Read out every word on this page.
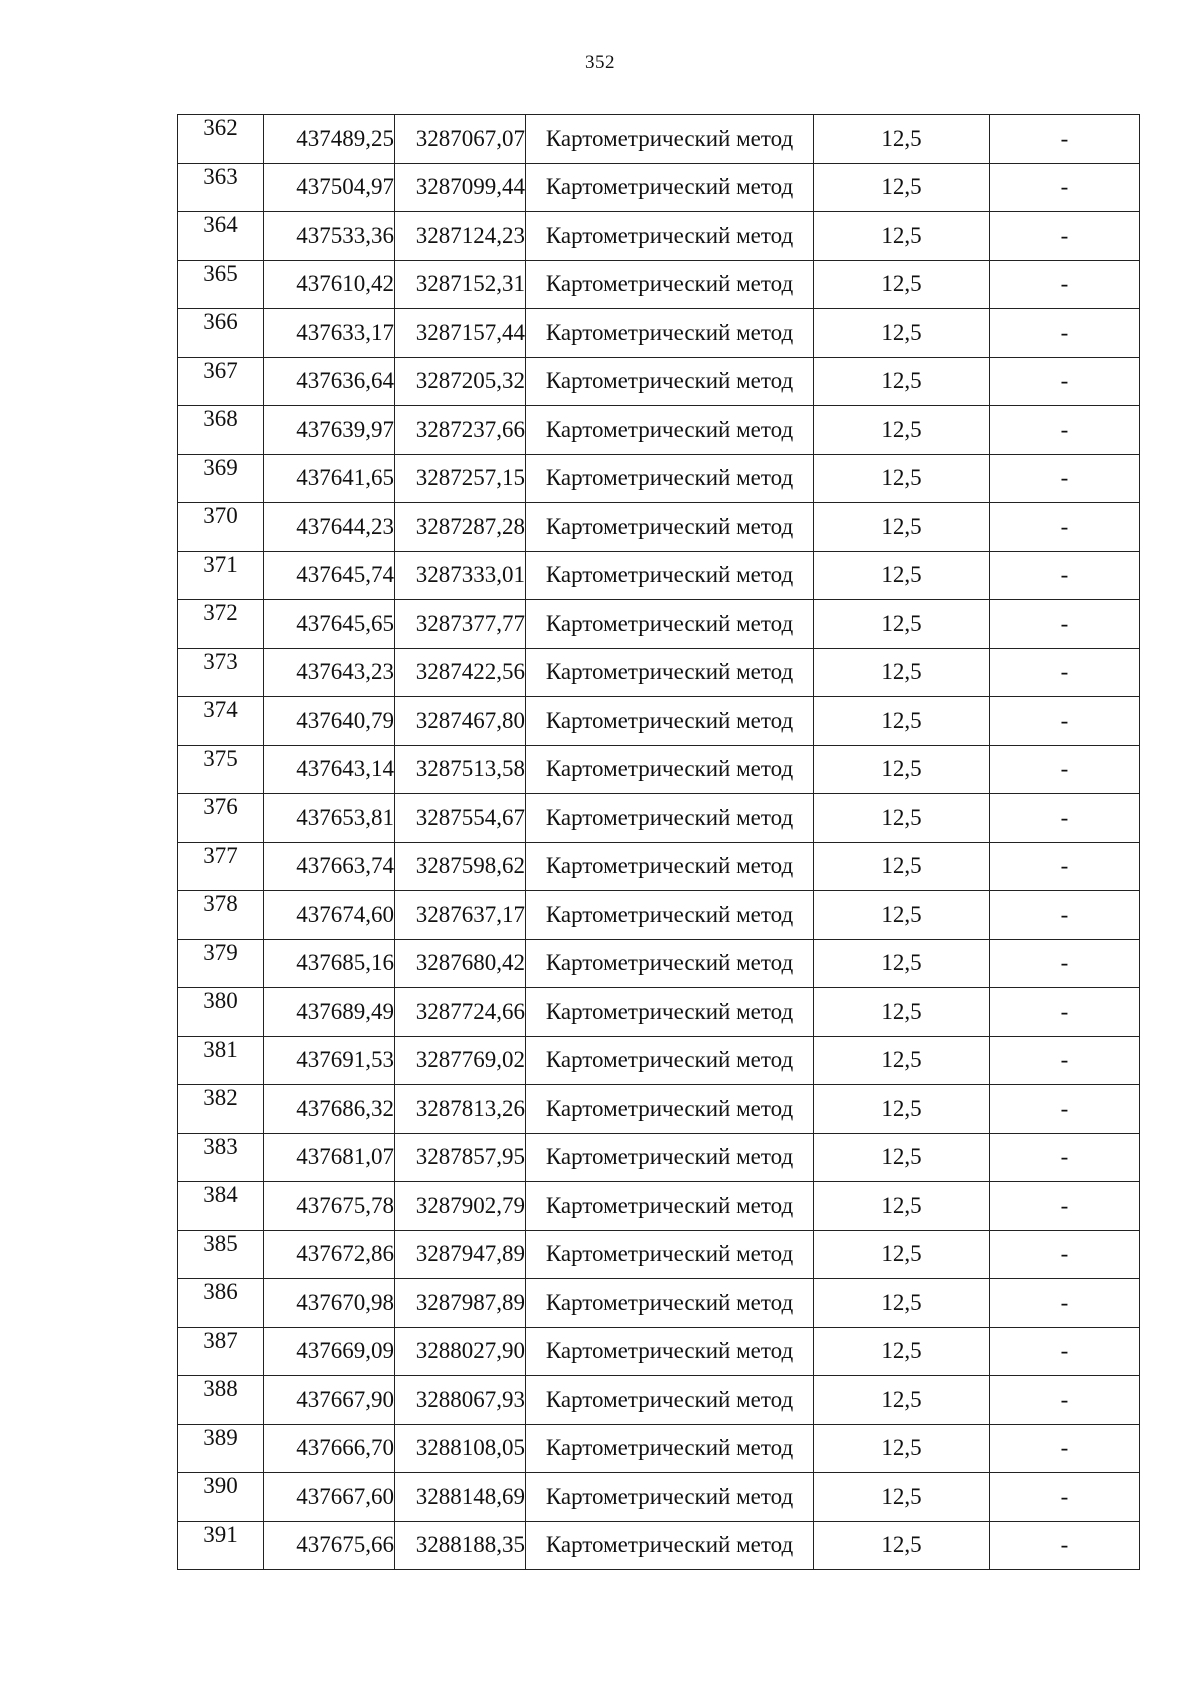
352
362	437489,25	3287067,07	Картометрический метод	12,5	-
363	437504,97	3287099,44	Картометрический метод	12,5	-
364	437533,36	3287124,23	Картометрический метод	12,5	-
365	437610,42	3287152,31	Картометрический метод	12,5	-
366	437633,17	3287157,44	Картометрический метод	12,5	-
367	437636,64	3287205,32	Картометрический метод	12,5	-
368	437639,97	3287237,66	Картометрический метод	12,5	-
369	437641,65	3287257,15	Картометрический метод	12,5	-
370	437644,23	3287287,28	Картометрический метод	12,5	-
371	437645,74	3287333,01	Картометрический метод	12,5	-
372	437645,65	3287377,77	Картометрический метод	12,5	-
373	437643,23	3287422,56	Картометрический метод	12,5	-
374	437640,79	3287467,80	Картометрический метод	12,5	-
375	437643,14	3287513,58	Картометрический метод	12,5	-
376	437653,81	3287554,67	Картометрический метод	12,5	-
377	437663,74	3287598,62	Картометрический метод	12,5	-
378	437674,60	3287637,17	Картометрический метод	12,5	-
379	437685,16	3287680,42	Картометрический метод	12,5	-
380	437689,49	3287724,66	Картометрический метод	12,5	-
381	437691,53	3287769,02	Картометрический метод	12,5	-
382	437686,32	3287813,26	Картометрический метод	12,5	-
383	437681,07	3287857,95	Картометрический метод	12,5	-
384	437675,78	3287902,79	Картометрический метод	12,5	-
385	437672,86	3287947,89	Картометрический метод	12,5	-
386	437670,98	3287987,89	Картометрический метод	12,5	-
387	437669,09	3288027,90	Картометрический метод	12,5	-
388	437667,90	3288067,93	Картометрический метод	12,5	-
389	437666,70	3288108,05	Картометрический метод	12,5	-
390	437667,60	3288148,69	Картометрический метод	12,5	-
391	437675,66	3288188,35	Картометрический метод	12,5	-
